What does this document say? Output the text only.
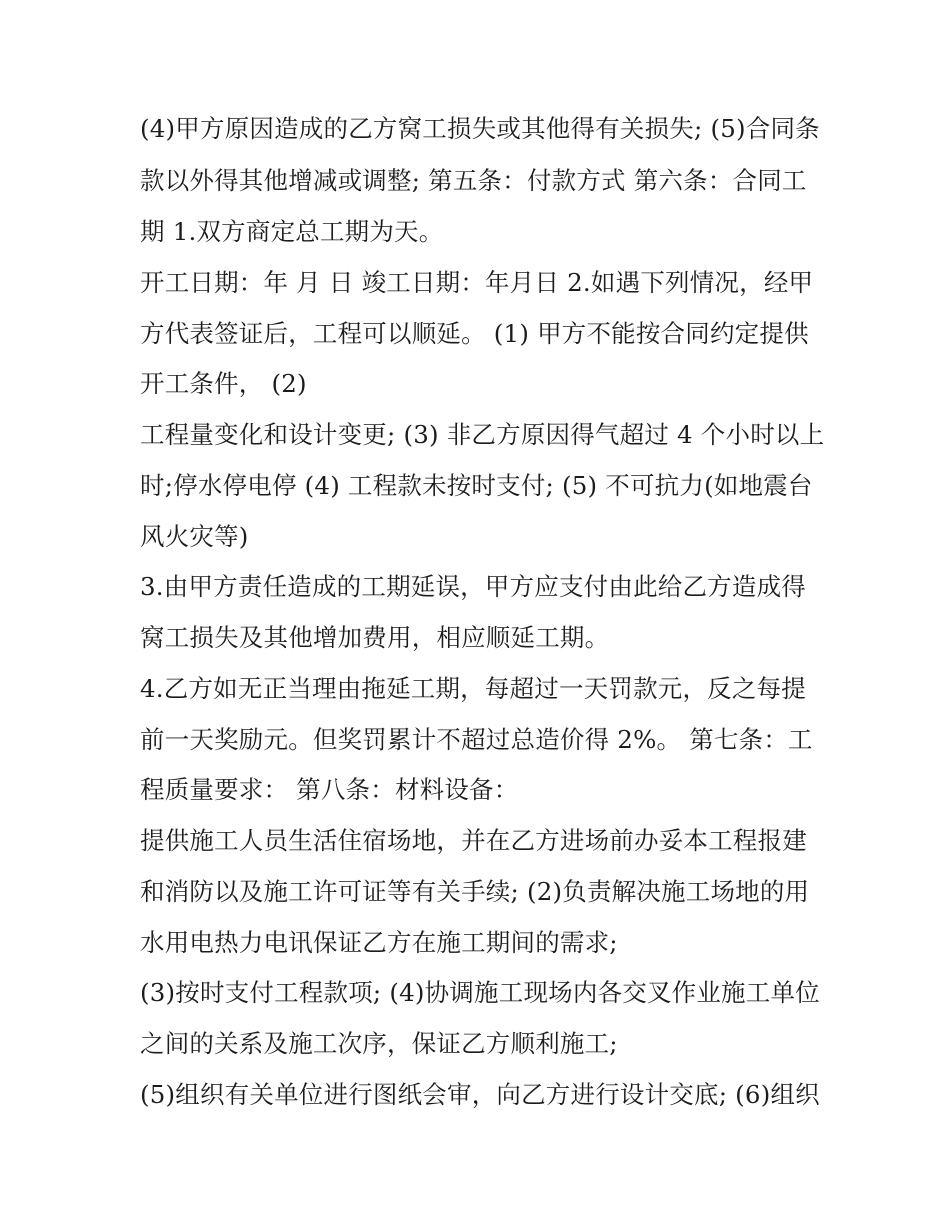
(4)甲方原因造成的乙方窝工损失或其他得有关损失; (5)合同条
款以外得其他增减或调整; 第五条：付款方式 第六条：合同工
期 1.双方商定总工期为天。
开工日期：年 月 日 竣工日期：年月日 2.如遇下列情况，经甲
方代表签证后，工程可以顺延。 (1) 甲方不能按合同约定提供
开工条件， (2)
工程量变化和设计变更; (3) 非乙方原因得气超过 4 个小时以上
时;停水停电停 (4) 工程款未按时支付; (5) 不可抗力(如地震台
风火灾等)
3.由甲方责任造成的工期延误，甲方应支付由此给乙方造成得
窝工损失及其他增加费用，相应顺延工期。
4.乙方如无正当理由拖延工期，每超过一天罚款元，反之每提
前一天奖励元。但奖罚累计不超过总造价得 2%。 第七条：工
程质量要求： 第八条：材料设备：
提供施工人员生活住宿场地，并在乙方进场前办妥本工程报建
和消防以及施工许可证等有关手续; (2)负责解决施工场地的用
水用电热力电讯保证乙方在施工期间的需求;
(3)按时支付工程款项; (4)协调施工现场内各交叉作业施工单位
之间的关系及施工次序，保证乙方顺利施工;
(5)组织有关单位进行图纸会审，向乙方进行设计交底; (6)组织
